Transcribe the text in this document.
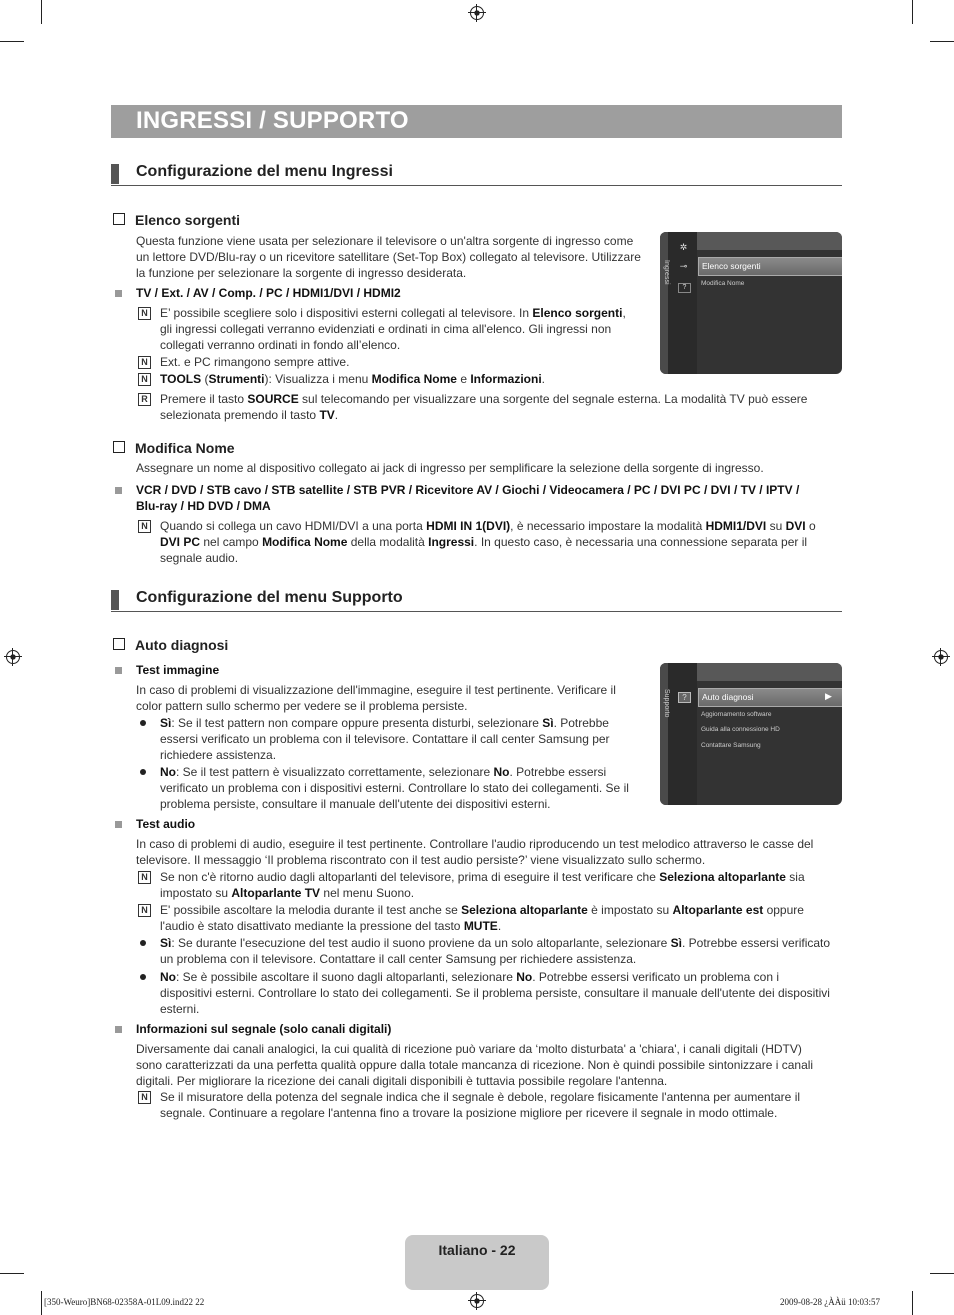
INGRESSI / SUPPORTO
Configurazione del menu Ingressi
Elenco sorgenti
Questa funzione viene usata per selezionare il televisore o un'altra sorgente di ingresso come
un lettore DVD/Blu-ray o un ricevitore satellitare (Set-Top Box) collegato al televisore. Utilizzare
la funzione per selezionare la sorgente di ingresso desiderata.
TV / Ext. / AV / Comp. / PC / HDMI1/DVI / HDMI2
N E’ possibile scegliere solo i dispositivi esterni collegati al televisore. In Elenco sorgenti,
gli ingressi collegati verranno evidenziati e ordinati in cima all'elenco. Gli ingressi non
collegati verranno ordinati in fondo all’elenco.
N Ext. e PC rimangono sempre attive.
N TOOLS (Strumenti): Visualizza i menu Modifica Nome e Informazioni.
R Premere il tasto SOURCE sul telecomando per visualizzare una sorgente del segnale esterna. La modalità TV può essere
selezionata premendo il tasto TV.
Ingressi
✲
⊸
?
Elenco sorgenti
Modifica Nome
Modifica Nome
Assegnare un nome al dispositivo collegato ai jack di ingresso per semplificare la selezione della sorgente di ingresso.
VCR / DVD / STB cavo / STB satellite / STB PVR / Ricevitore AV / Giochi / Videocamera / PC / DVI PC / DVI / TV / IPTV /
Blu-ray / HD DVD / DMA
N Quando si collega un cavo HDMI/DVI a una porta HDMI IN 1(DVI), è necessario impostare la modalità HDMI1/DVI su DVI o
DVI PC nel campo Modifica Nome della modalità Ingressi. In questo caso, è necessaria una connessione separata per il
segnale audio.
Configurazione del menu Supporto
Auto diagnosi
Test immagine
In caso di problemi di visualizzazione dell'immagine, eseguire il test pertinente. Verificare il
color pattern sullo schermo per vedere se il problema persiste.
Sì: Se il test pattern non compare oppure presenta disturbi, selezionare Sì. Potrebbe
essersi verificato un problema con il televisore. Contattare il call center Samsung per
richiedere assistenza.
No: Se il test pattern è visualizzato correttamente, selezionare No. Potrebbe essersi
verificato un problema con i dispositivi esterni. Controllare lo stato dei collegamenti. Se il
problema persiste, consultare il manuale dell'utente dei dispositivi esterni.
Supporto	?	Auto diagnosi	▶
Aggiornamento software
Guida alla connessione HD
Contattare Samsung
Test audio
In caso di problemi di audio, eseguire il test pertinente. Controllare l'audio riproducendo un test melodico attraverso le casse del
televisore. Il messaggio ‘Il problema riscontrato con il test audio persiste?’ viene visualizzato sullo schermo.
N Se non c'è ritorno audio dagli altoparlanti del televisore, prima di eseguire il test verificare che Seleziona altoparlante sia
impostato su Altoparlante TV nel menu Suono.
N E' possibile ascoltare la melodia durante il test anche se Seleziona altoparlante è impostato su Altoparlante est oppure
l'audio è stato disattivato mediante la pressione del tasto MUTE.
Sì: Se durante l'esecuzione del test audio il suono proviene da un solo altoparlante, selezionare Sì. Potrebbe essersi verificato
un problema con il televisore. Contattare il call center Samsung per richiedere assistenza.
No: Se è possibile ascoltare il suono dagli altoparlanti, selezionare No. Potrebbe essersi verificato un problema con i
dispositivi esterni. Controllare lo stato dei collegamenti. Se il problema persiste, consultare il manuale dell'utente dei dispositivi
esterni.
Informazioni sul segnale (solo canali digitali)
Diversamente dai canali analogici, la cui qualità di ricezione può variare da ‘molto disturbata' a 'chiara', i canali digitali (HDTV)
sono caratterizzati da una perfetta qualità oppure dalla totale mancanza di ricezione. Non è quindi possibile sintonizzare i canali
digitali. Per migliorare la ricezione dei canali digitali disponibili è tuttavia possibile regolare l'antenna.
N Se il misuratore della potenza del segnale indica che il segnale è debole, regolare fisicamente l'antenna per aumentare il
segnale. Continuare a regolare l'antenna fino a trovare la posizione migliore per ricevere il segnale in modo ottimale.
Italiano - 22
[350-Weuro]BN68-02358A-01L09.ind22 22	2009-08-28 ¿ÀÀü 10:03:57
